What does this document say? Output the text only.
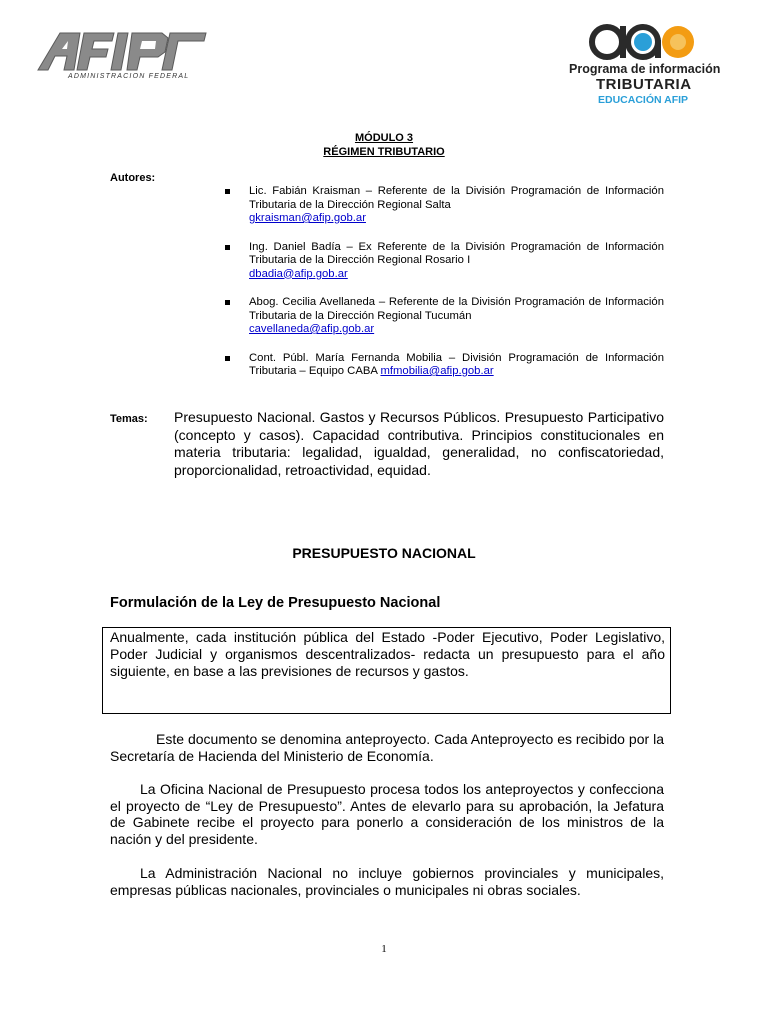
ADMINISTRACION FEDERAL
Programa de información
TRIBUTARIA
EDUCACIÓN AFIP
MÓDULO 3
RÉGIMEN TRIBUTARIO
Autores:
Lic. Fabián Kraisman – Referente de la División Programación de Información Tributaria de la Dirección Regional Salta
gkraisman@afip.gob.ar
Ing. Daniel Badía – Ex Referente de la División Programación de Información Tributaria de la Dirección Regional Rosario I
dbadia@afip.gob.ar
Abog. Cecilia Avellaneda – Referente de la División Programación de Información Tributaria de la Dirección Regional Tucumán
cavellaneda@afip.gob.ar
Cont. Públ. María Fernanda Mobilia – División Programación de Información Tributaria – Equipo CABA mfmobilia@afip.gob.ar
Temas: Presupuesto Nacional. Gastos y Recursos Públicos. Presupuesto Participativo (concepto y casos). Capacidad contributiva. Principios constitucionales en materia tributaria: legalidad, igualdad, generalidad, no confiscatoriedad, proporcionalidad, retroactividad, equidad.
PRESUPUESTO NACIONAL
Formulación de la Ley de Presupuesto Nacional
Anualmente, cada institución pública del Estado -Poder Ejecutivo, Poder Legislativo, Poder Judicial y organismos descentralizados- redacta un presupuesto para el año siguiente, en base a las previsiones de recursos y gastos.
Este documento se denomina anteproyecto. Cada Anteproyecto es recibido por la Secretaría de Hacienda del Ministerio de Economía.
La Oficina Nacional de Presupuesto procesa todos los anteproyectos y confecciona el proyecto de “Ley de Presupuesto”. Antes de elevarlo para su aprobación, la Jefatura de Gabinete recibe el proyecto para ponerlo a consideración de los ministros de la nación y del presidente.
La Administración Nacional no incluye gobiernos provinciales y municipales, empresas públicas nacionales, provinciales o municipales ni obras sociales.
1
